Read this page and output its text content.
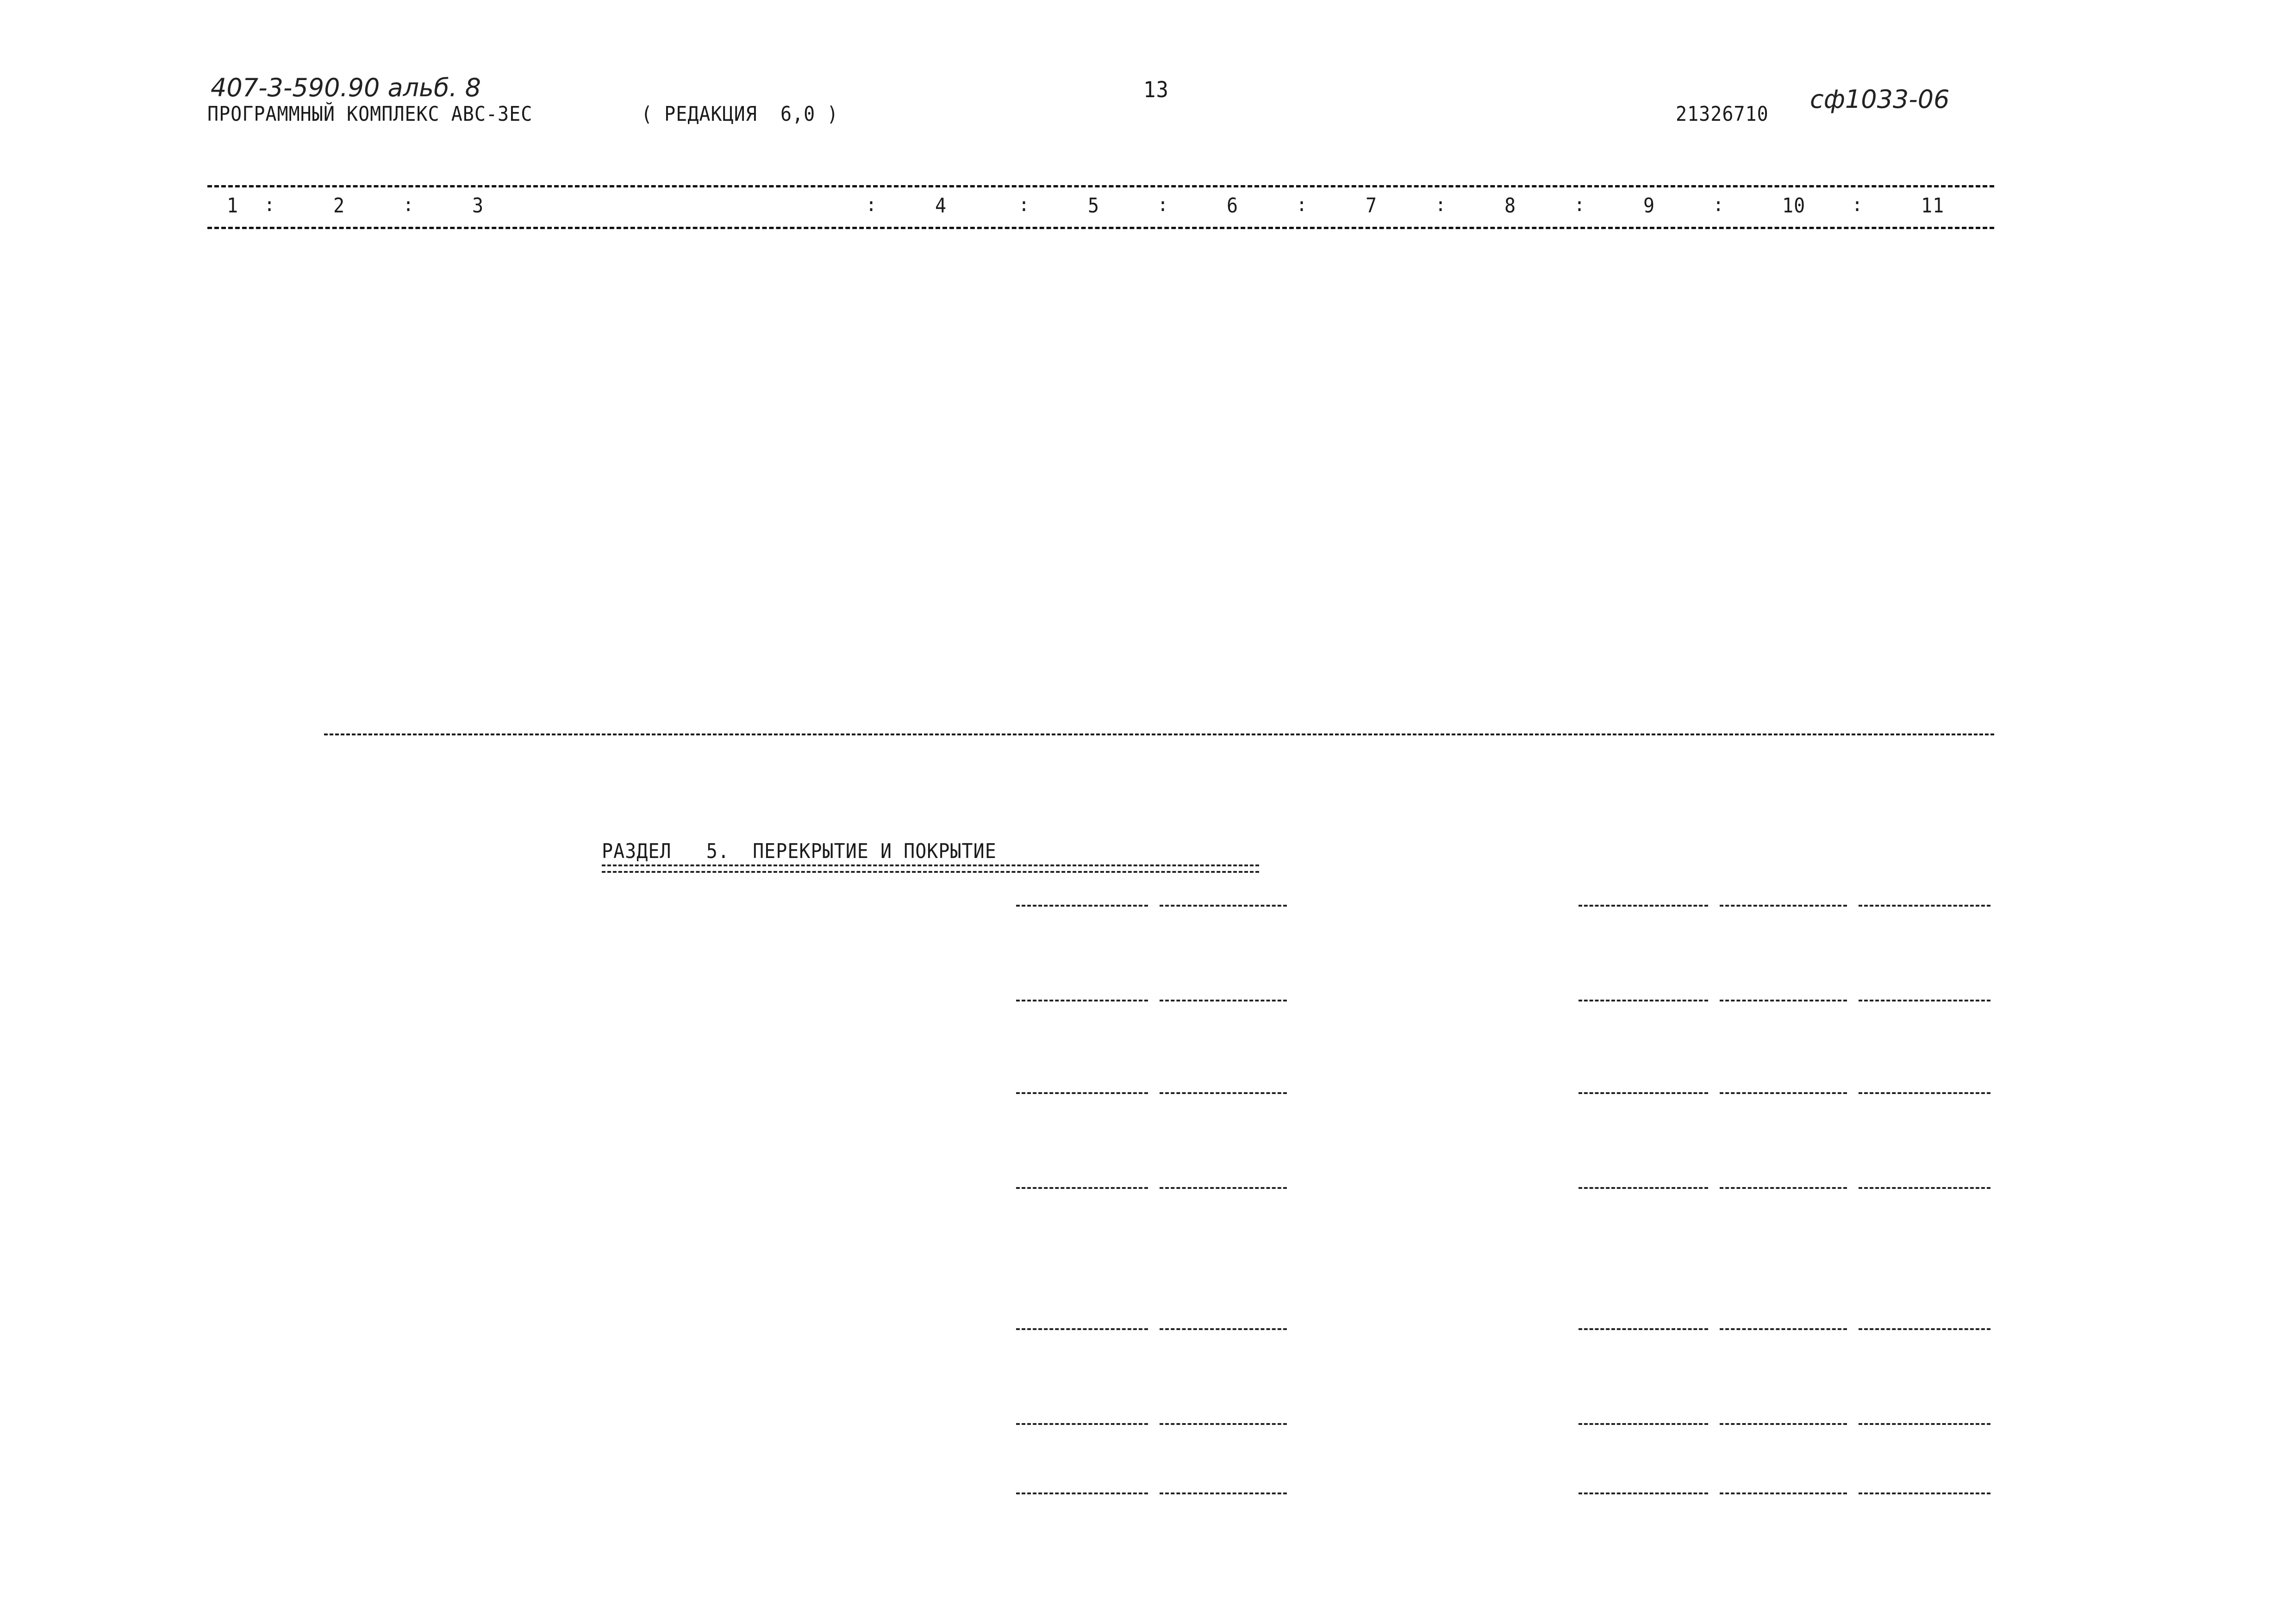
407-3-590.90 альб. 8	13
ПРОГРАММНЫЙ КОМПЛЕКС АВС-3ЕС	( РЕДАКЦИЯ  6,0 )	21326710
сф1033-06
1	2	3	4	5	6	7	8	9	10	11
:	:	:	:	:	:	:	:	:	:
РАЗДЕЛ   5.  ПЕРЕКРЫТИЕ И ПОКРЫТИЕ
